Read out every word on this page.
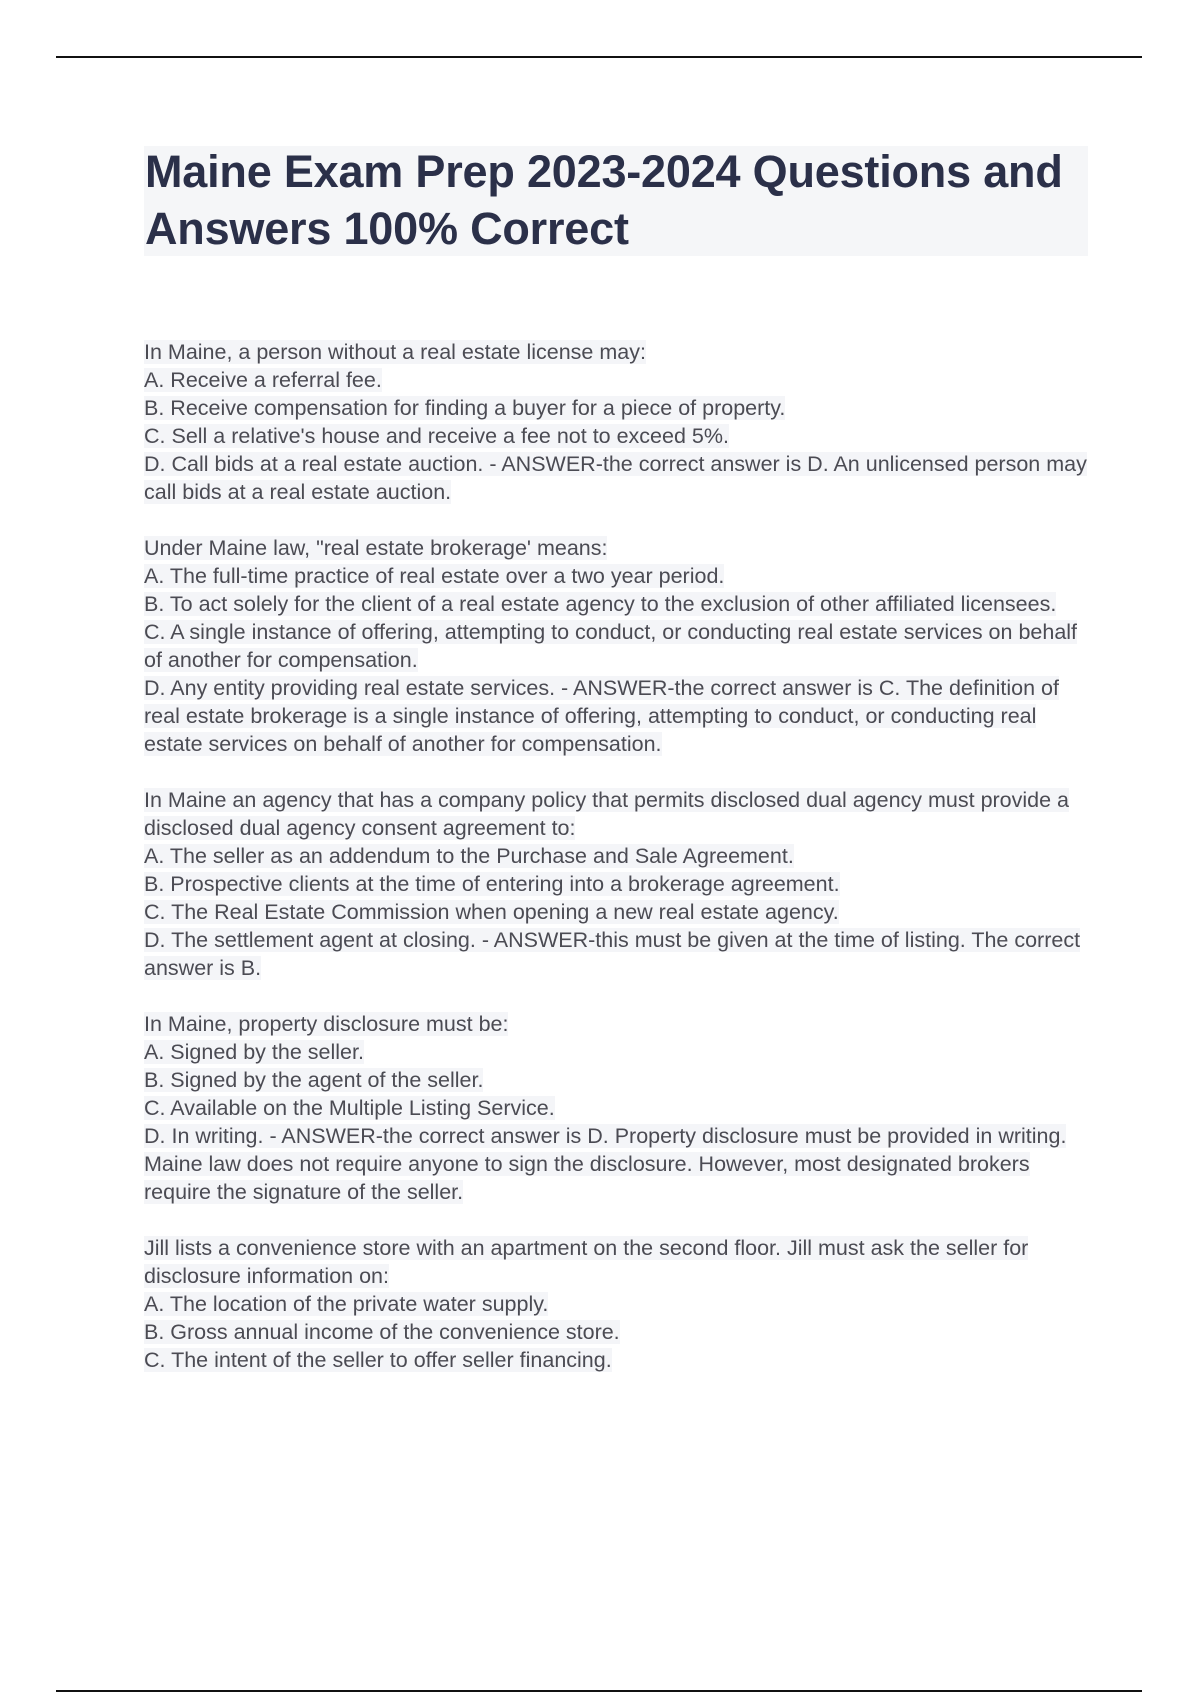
Maine Exam Prep 2023-2024 Questions and Answers 100% Correct

In Maine, a person without a real estate license may:

A. Receive a referral fee.

B. Receive compensation for finding a buyer for a piece of property.

C. Sell a relative's house and receive a fee not to exceed 5%.

D. Call bids at a real estate auction. - ANSWER-the correct answer is D. An unlicensed person may call bids at a real estate auction.

Under Maine law, "real estate brokerage' means:

A. The full-time practice of real estate over a two year period.

B. To act solely for the client of a real estate agency to the exclusion of other affiliated licensees.

C. A single instance of offering, attempting to conduct, or conducting real estate services on behalf of another for compensation.

D. Any entity providing real estate services. - ANSWER-the correct answer is C. The definition of real estate brokerage is a single instance of offering, attempting to conduct, or conducting real estate services on behalf of another for compensation.

In Maine an agency that has a company policy that permits disclosed dual agency must provide a disclosed dual agency consent agreement to:

A. The seller as an addendum to the Purchase and Sale Agreement.

B. Prospective clients at the time of entering into a brokerage agreement.

C. The Real Estate Commission when opening a new real estate agency.

D. The settlement agent at closing. - ANSWER-this must be given at the time of listing. The correct answer is B.

In Maine, property disclosure must be:

A. Signed by the seller.

B. Signed by the agent of the seller.

C. Available on the Multiple Listing Service.

D. In writing. - ANSWER-the correct answer is D. Property disclosure must be provided in writing. Maine law does not require anyone to sign the disclosure. However, most designated brokers require the signature of the seller.

Jill lists a convenience store with an apartment on the second floor. Jill must ask the seller for disclosure information on:

A. The location of the private water supply.

B. Gross annual income of the convenience store.

C. The intent of the seller to offer seller financing.
